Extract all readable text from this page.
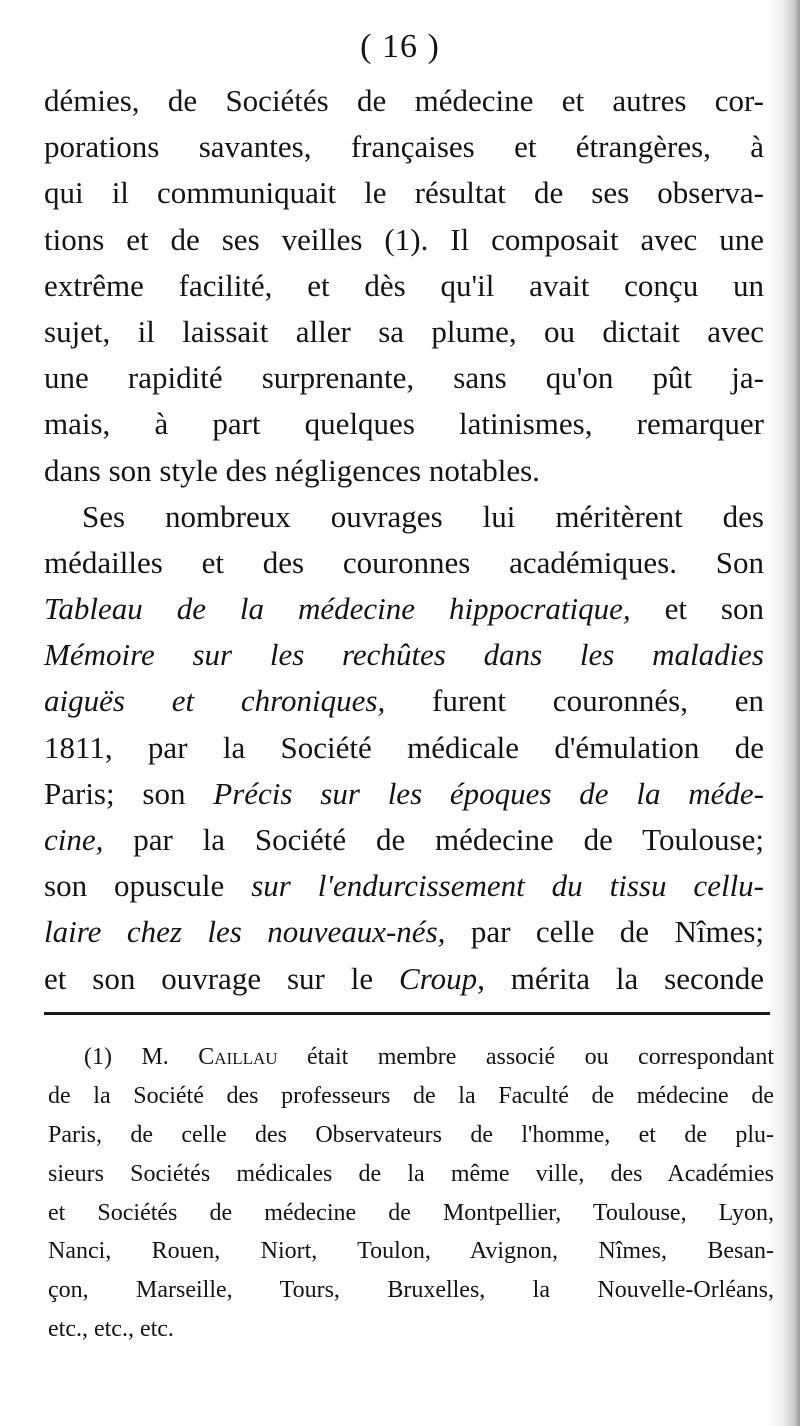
( 16 )
démies, de Sociétés de médecine et autres cor-
porations savantes, françaises et étrangères, à
qui il communiquait le résultat de ses observa-
tions et de ses veilles (1). Il composait avec une
extrême facilité, et dès qu'il avait conçu un
sujet, il laissait aller sa plume, ou dictait avec
une rapidité surprenante, sans qu'on pût ja-
mais, à part quelques latinismes, remarquer
dans son style des négligences notables.
Ses nombreux ouvrages lui méritèrent des
médailles et des couronnes académiques. Son
Tableau de la médecine hippocratique, et son
Mémoire sur les rechûtes dans les maladies
aiguës et chroniques, furent couronnés, en
1811, par la Société médicale d'émulation de
Paris; son Précis sur les époques de la méde-
cine, par la Société de médecine de Toulouse;
son opuscule sur l'endurcissement du tissu cellu-
laire chez les nouveaux-nés, par celle de Nîmes;
et son ouvrage sur le Croup, mérita la seconde
(1) M. Caillau était membre associé ou correspondant
de la Société des professeurs de la Faculté de médecine de
Paris, de celle des Observateurs de l'homme, et de plu-
sieurs Sociétés médicales de la même ville, des Académies
et Sociétés de médecine de Montpellier, Toulouse, Lyon,
Nanci, Rouen, Niort, Toulon, Avignon, Nîmes, Besan-
çon, Marseille, Tours, Bruxelles, la Nouvelle-Orléans,
etc., etc., etc.
